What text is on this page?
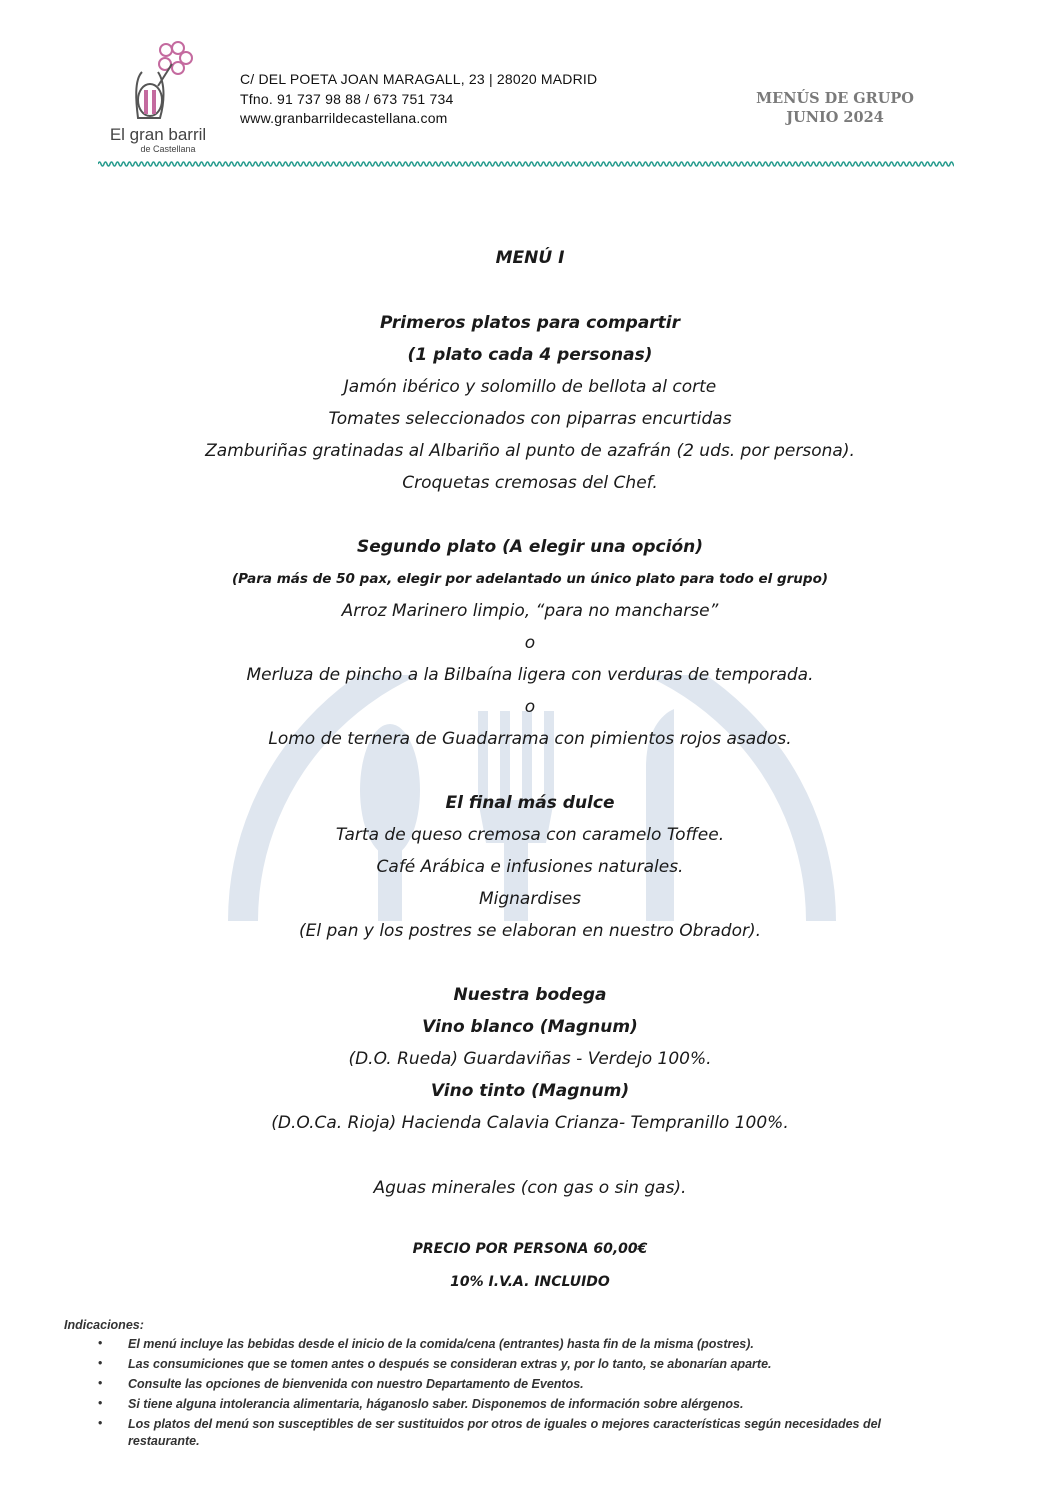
El gran barril
de Castellana
C/ DEL POETA JOAN MARAGALL, 23 | 28020 MADRID
Tfno. 91 737 98 88 / 673 751 734
www.granbarrildecastellana.com
MENÚS DE GRUPO
JUNIO 2024
MENÚ I
Primeros platos para compartir
(1 plato cada 4 personas)
Jamón ibérico y solomillo de bellota al corte
Tomates seleccionados con piparras encurtidas
Zamburiñas gratinadas al Albariño al punto de azafrán (2 uds. por persona).
Croquetas cremosas del Chef.
Segundo plato (A elegir una opción)
(Para más de 50 pax, elegir por adelantado un único plato para todo el grupo)
Arroz Marinero limpio, “para no mancharse”
o
Merluza de pincho a la Bilbaína ligera con verduras de temporada.
o
Lomo de ternera de Guadarrama con pimientos rojos asados.
El final más dulce
Tarta de queso cremosa con caramelo Toffee.
Café Arábica e infusiones naturales.
Mignardises
(El pan y los postres se elaboran en nuestro Obrador).
Nuestra bodega
Vino blanco (Magnum)
(D.O. Rueda) Guardaviñas - Verdejo 100%.
Vino tinto (Magnum)
(D.O.Ca. Rioja) Hacienda Calavia Crianza- Tempranillo 100%.
Aguas minerales (con gas o sin gas).
PRECIO POR PERSONA 60,00€
10% I.V.A. INCLUIDO
Indicaciones:
• El menú incluye las bebidas desde el inicio de la comida/cena (entrantes) hasta fin de la misma (postres).
• Las consumiciones que se tomen antes o después se consideran extras y, por lo tanto, se abonarían aparte.
• Consulte las opciones de bienvenida con nuestro Departamento de Eventos.
• Si tiene alguna intolerancia alimentaria, háganoslo saber. Disponemos de información sobre alérgenos.
• Los platos del menú son susceptibles de ser sustituidos por otros de iguales o mejores características según necesidades del restaurante.
